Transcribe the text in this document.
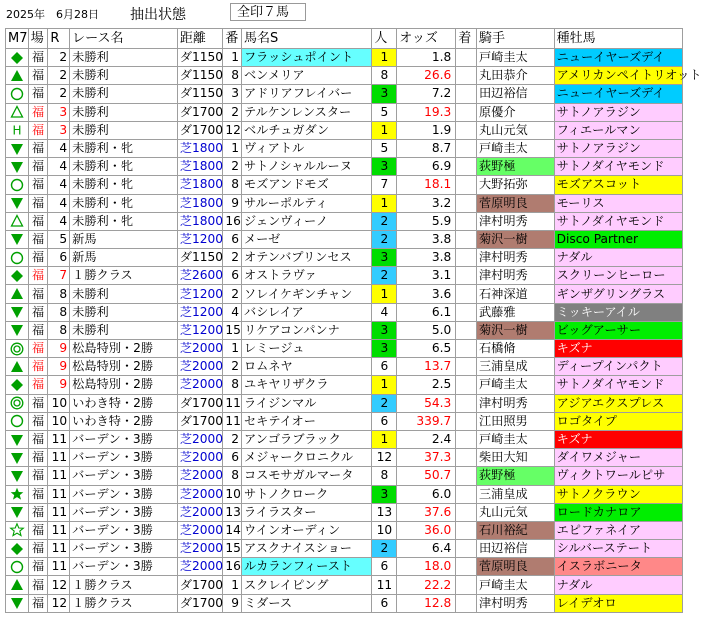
2025年　6月28日 抽出状態	全印７馬
M7	場	R	レース名	距離	番	馬名S	人	オッズ	着	騎手	種牡馬
	福	2	未勝利	ダ1150	1	フラッシュポイント	1	1.8		戸崎圭太	ニューイヤーズデイ
	福	2	未勝利	ダ1150	8	ベンメリア	8	26.6		丸田恭介	アメリカンペイトリオット
	福	2	未勝利	ダ1150	3	アドリアフレイバー	3	7.2		田辺裕信	ニューイヤーズデイ
	福	3	未勝利	ダ1700	2	テルケンレンスター	5	19.3		原優介	サトノアラジン

H	福	3	未勝利	ダ1700	12	ベルチュガダン	1	1.9		丸山元気	フィエールマン
	福	4	未勝利・牝	芝1800	1	ヴィアトル	5	8.7		戸崎圭太	サトノアラジン
	福	4	未勝利・牝	芝1800	2	サトノシャルルーヌ	3	6.9		荻野極	サトノダイヤモンド
	福	4	未勝利・牝	芝1800	8	モズアンドモズ	7	18.1		大野拓弥	モズアスコット
	福	4	未勝利・牝	芝1800	9	サルーポルティ	1	3.2		菅原明良	モーリス
	福	4	未勝利・牝	芝1800	16	ジェンヴィーノ	2	5.9		津村明秀	サトノダイヤモンド
	福	5	新馬	芝1200	6	メーゼ	2	3.8		菊沢一樹	Disco Partner
	福	6	新馬	ダ1150	2	オテンバプリンセス	3	3.8		津村明秀	ナダル
	福	7	１勝クラス	芝2600	6	オストラヴァ	2	3.1		津村明秀	スクリーンヒーロー
	福	8	未勝利	芝1200	2	ソレイケギンチャン	1	3.6		石神深道	ギンザグリングラス
	福	8	未勝利	芝1200	4	バシレイア	4	6.1		武藤雅	ミッキーアイル
	福	8	未勝利	芝1200	15	リケアコンパンナ	3	5.0		菊沢一樹	ビッグアーサー
	福	9	松島特別・2勝	芝2000	1	レミージュ	3	6.5		石橋脩	キズナ
	福	9	松島特別・2勝	芝2000	2	ロムネヤ	6	13.7		三浦皇成	ディープインパクト
	福	9	松島特別・2勝	芝2000	8	ユキヤリザクラ	1	2.5		戸崎圭太	サトノダイヤモンド
	福	10	いわき特・2勝	ダ1700	11	ライジンマル	2	54.3		津村明秀	アジアエクスプレス
	福	10	いわき特・2勝	ダ1700	11	セキテイオー	6	339.7		江田照男	ロゴタイプ
	福	11	バーデン・3勝	芝2000	2	アンゴラブラック	1	2.4		戸崎圭太	キズナ
	福	11	バーデン・3勝	芝2000	6	メジャークロニクル	12	37.3		柴田大知	ダイワメジャー
	福	11	バーデン・3勝	芝2000	8	コスモサガルマータ	8	50.7		荻野極	ヴィクトワールピサ
	福	11	バーデン・3勝	芝2000	10	サトノクローク	3	6.0		三浦皇成	サトノクラウン
	福	11	バーデン・3勝	芝2000	13	ライラスター	13	37.6		丸山元気	ロードカナロア
	福	11	バーデン・3勝	芝2000	14	ウインオーディン	10	36.0		石川裕紀	エピファネイア
	福	11	バーデン・3勝	芝2000	15	アスクナイスショー	2	6.4		田辺裕信	シルバーステート
	福	11	バーデン・3勝	芝2000	16	ルカランフィースト	6	18.0		菅原明良	イスラボニータ
	福	12	１勝クラス	ダ1700	1	スクレイピング	11	22.2		戸崎圭太	ナダル
	福	12	１勝クラス	ダ1700	9	ミダース	6	12.8		津村明秀	レイデオロ
